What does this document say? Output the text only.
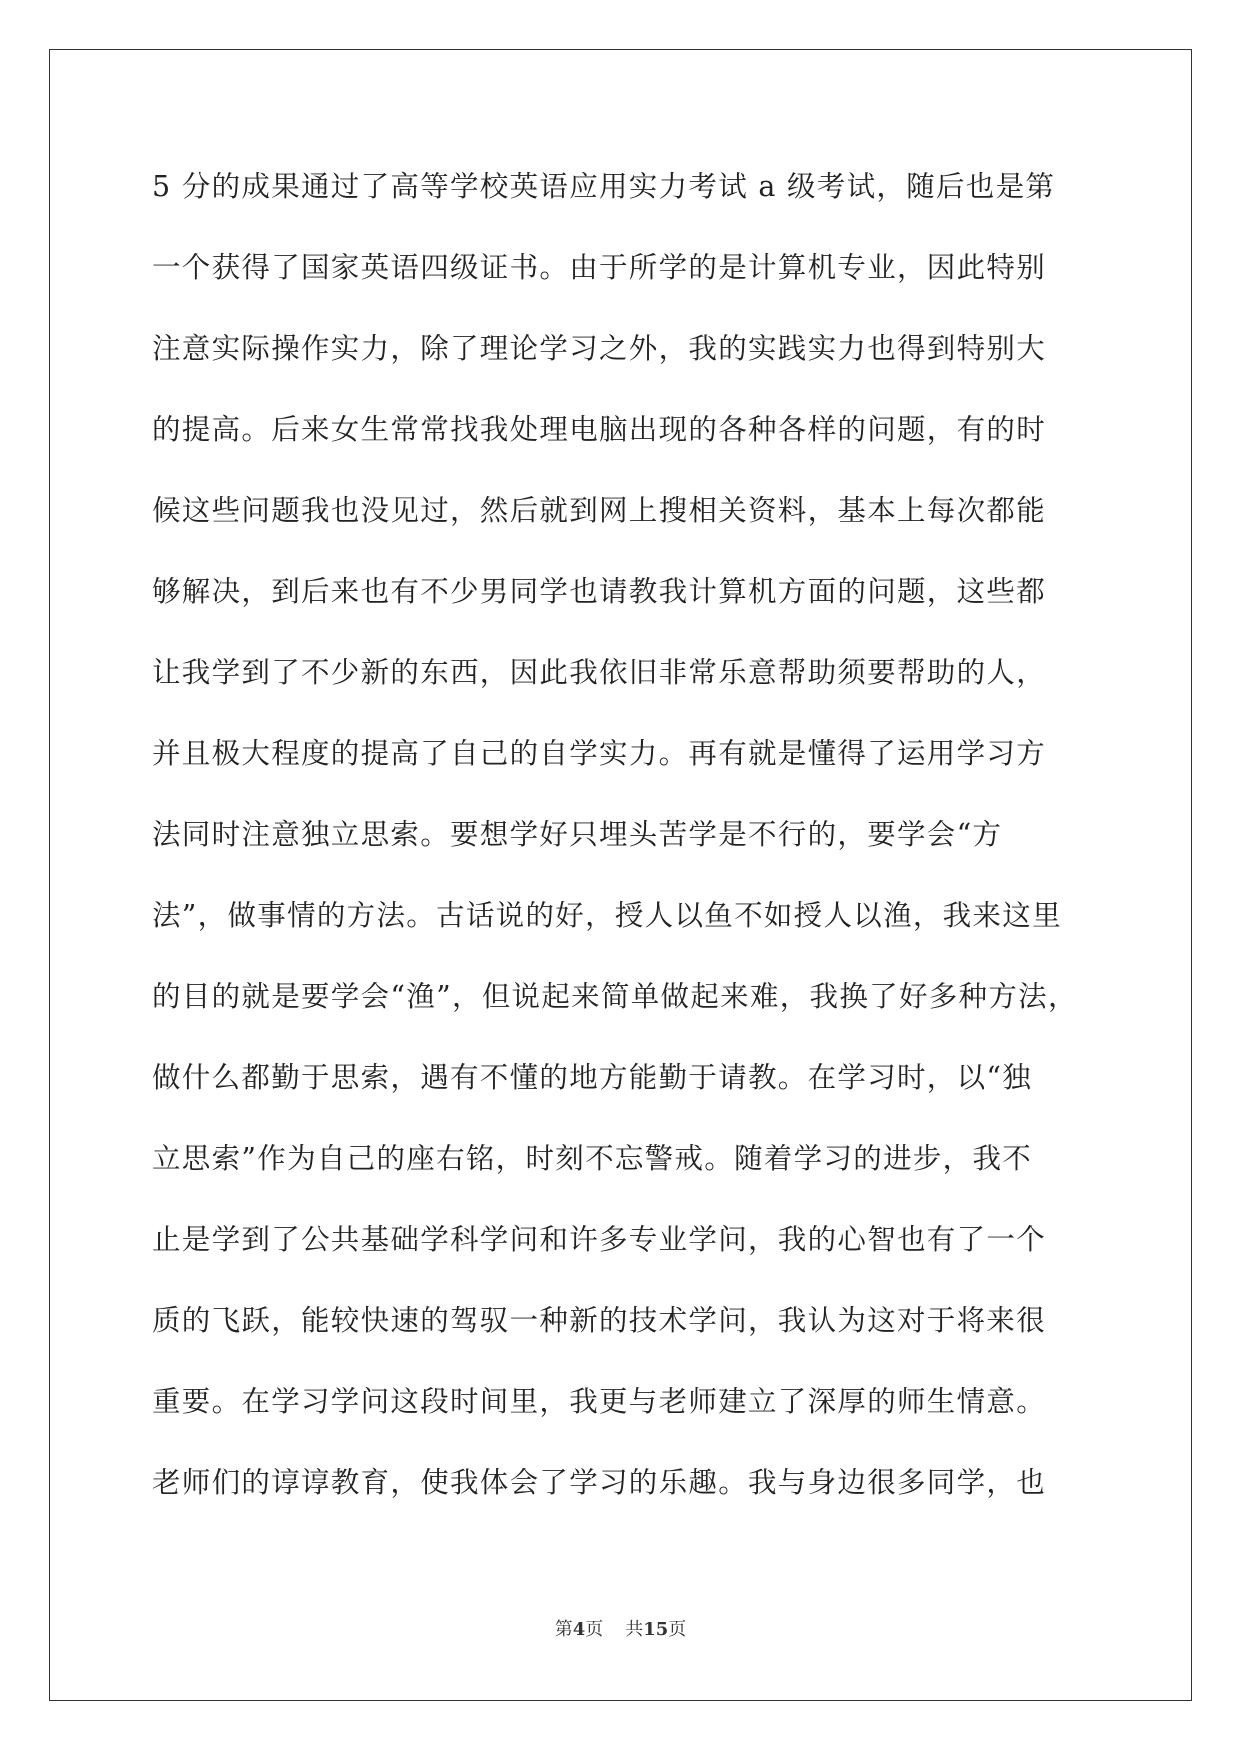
5 分的成果通过了高等学校英语应用实力考试 a 级考试，随后也是第
一个获得了国家英语四级证书。由于所学的是计算机专业，因此特别
注意实际操作实力，除了理论学习之外，我的实践实力也得到特别大
的提高。后来女生常常找我处理电脑出现的各种各样的问题，有的时
候这些问题我也没见过，然后就到网上搜相关资料，基本上每次都能
够解决，到后来也有不少男同学也请教我计算机方面的问题，这些都
让我学到了不少新的东西，因此我依旧非常乐意帮助须要帮助的人，
并且极大程度的提高了自己的自学实力。再有就是懂得了运用学习方
法同时注意独立思索。要想学好只埋头苦学是不行的，要学会“方
法”，做事情的方法。古话说的好，授人以鱼不如授人以渔，我来这里
的目的就是要学会“渔”，但说起来简单做起来难，我换了好多种方法，
做什么都勤于思索，遇有不懂的地方能勤于请教。在学习时，以“独
立思索”作为自己的座右铭，时刻不忘警戒。随着学习的进步，我不
止是学到了公共基础学科学问和许多专业学问，我的心智也有了一个
质的飞跃，能较快速的驾驭一种新的技术学问，我认为这对于将来很
重要。在学习学问这段时间里，我更与老师建立了深厚的师生情意。
老师们的谆谆教育，使我体会了学习的乐趣。我与身边很多同学，也
第4页 共15页
